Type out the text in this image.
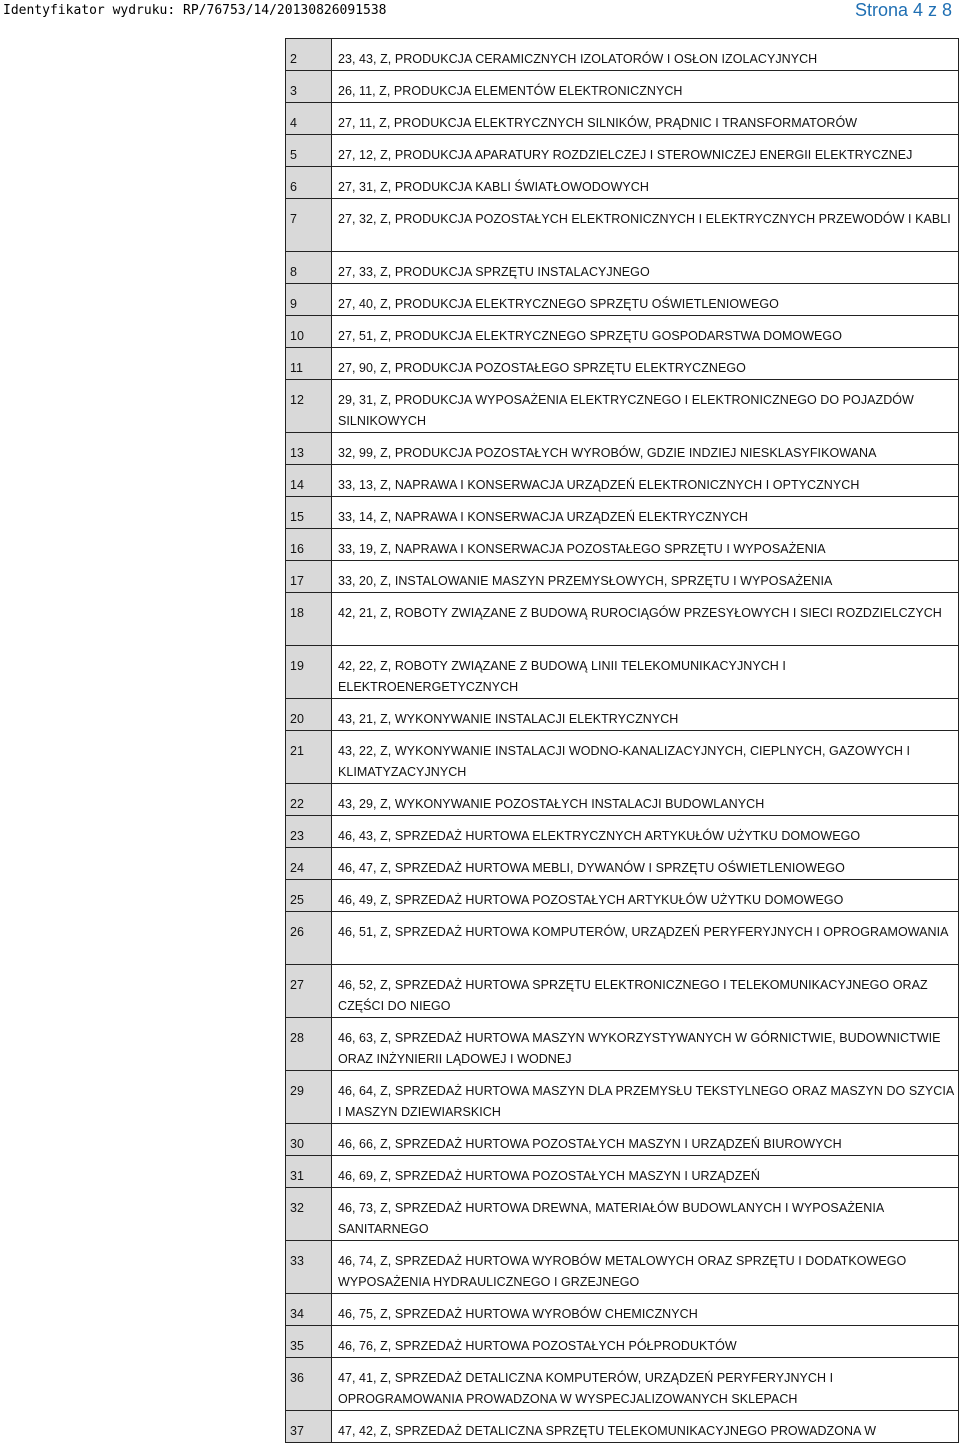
Identyfikator wydruku: RP/76753/14/20130826091538	Strona 4 z 8
2	23, 43, Z, PRODUKCJA CERAMICZNYCH IZOLATORÓW I OSŁON IZOLACYJNYCH

3	26, 11, Z, PRODUKCJA ELEMENTÓW ELEKTRONICZNYCH

4	27, 11, Z, PRODUKCJA ELEKTRYCZNYCH SILNIKÓW, PRĄDNIC I TRANSFORMATORÓW

5	27, 12, Z, PRODUKCJA APARATURY ROZDZIELCZEJ I STEROWNICZEJ ENERGII ELEKTRYCZNEJ

6	27, 31, Z, PRODUKCJA KABLI ŚWIATŁOWODOWYCH

7	27, 32, Z, PRODUKCJA POZOSTAŁYCH ELEKTRONICZNYCH I ELEKTRYCZNYCH PRZEWODÓW I KABLI

8	27, 33, Z, PRODUKCJA SPRZĘTU INSTALACYJNEGO

9	27, 40, Z, PRODUKCJA ELEKTRYCZNEGO SPRZĘTU OŚWIETLENIOWEGO

10	27, 51, Z, PRODUKCJA ELEKTRYCZNEGO SPRZĘTU GOSPODARSTWA DOMOWEGO

11	27, 90, Z, PRODUKCJA POZOSTAŁEGO SPRZĘTU ELEKTRYCZNEGO

12	29, 31, Z, PRODUKCJA WYPOSAŻENIA ELEKTRYCZNEGO I ELEKTRONICZNEGO DO POJAZDÓW SILNIKOWYCH

13	32, 99, Z, PRODUKCJA POZOSTAŁYCH WYROBÓW, GDZIE INDZIEJ NIESKLASYFIKOWANA

14	33, 13, Z, NAPRAWA I KONSERWACJA URZĄDZEŃ ELEKTRONICZNYCH I OPTYCZNYCH

15	33, 14, Z, NAPRAWA I KONSERWACJA URZĄDZEŃ ELEKTRYCZNYCH

16	33, 19, Z, NAPRAWA I KONSERWACJA POZOSTAŁEGO SPRZĘTU I WYPOSAŻENIA

17	33, 20, Z, INSTALOWANIE MASZYN PRZEMYSŁOWYCH, SPRZĘTU I WYPOSAŻENIA

18	42, 21, Z, ROBOTY ZWIĄZANE Z BUDOWĄ RUROCIĄGÓW PRZESYŁOWYCH I SIECI ROZDZIELCZYCH

19	42, 22, Z, ROBOTY ZWIĄZANE Z BUDOWĄ LINII TELEKOMUNIKACYJNYCH I ELEKTROENERGETYCZNYCH

20	43, 21, Z, WYKONYWANIE INSTALACJI ELEKTRYCZNYCH

21	43, 22, Z, WYKONYWANIE INSTALACJI WODNO-KANALIZACYJNYCH, CIEPLNYCH, GAZOWYCH I KLIMATYZACYJNYCH

22	43, 29, Z, WYKONYWANIE POZOSTAŁYCH INSTALACJI BUDOWLANYCH

23	46, 43, Z, SPRZEDAŻ HURTOWA ELEKTRYCZNYCH ARTYKUŁÓW UŻYTKU DOMOWEGO

24	46, 47, Z, SPRZEDAŻ HURTOWA MEBLI, DYWANÓW I SPRZĘTU OŚWIETLENIOWEGO

25	46, 49, Z, SPRZEDAŻ HURTOWA POZOSTAŁYCH ARTYKUŁÓW UŻYTKU DOMOWEGO

26	46, 51, Z, SPRZEDAŻ HURTOWA KOMPUTERÓW, URZĄDZEŃ PERYFERYJNYCH I OPROGRAMOWANIA

27	46, 52, Z, SPRZEDAŻ HURTOWA SPRZĘTU ELEKTRONICZNEGO I TELEKOMUNIKACYJNEGO ORAZ CZĘŚCI DO NIEGO

28	46, 63, Z, SPRZEDAŻ HURTOWA MASZYN WYKORZYSTYWANYCH W GÓRNICTWIE, BUDOWNICTWIE ORAZ INŻYNIERII LĄDOWEJ I WODNEJ

29	46, 64, Z, SPRZEDAŻ HURTOWA MASZYN DLA PRZEMYSŁU TEKSTYLNEGO ORAZ MASZYN DO SZYCIA I MASZYN DZIEWIARSKICH

30	46, 66, Z, SPRZEDAŻ HURTOWA POZOSTAŁYCH MASZYN I URZĄDZEŃ BIUROWYCH

31	46, 69, Z, SPRZEDAŻ HURTOWA POZOSTAŁYCH MASZYN I URZĄDZEŃ

32	46, 73, Z, SPRZEDAŻ HURTOWA DREWNA, MATERIAŁÓW BUDOWLANYCH I WYPOSAŻENIA SANITARNEGO

33	46, 74, Z, SPRZEDAŻ HURTOWA WYROBÓW METALOWYCH ORAZ SPRZĘTU I DODATKOWEGO WYPOSAŻENIA HYDRAULICZNEGO I GRZEJNEGO

34	46, 75, Z, SPRZEDAŻ HURTOWA WYROBÓW CHEMICZNYCH

35	46, 76, Z, SPRZEDAŻ HURTOWA POZOSTAŁYCH PÓŁPRODUKTÓW

36	47, 41, Z, SPRZEDAŻ DETALICZNA KOMPUTERÓW, URZĄDZEŃ PERYFERYJNYCH I OPROGRAMOWANIA PROWADZONA W WYSPECJALIZOWANYCH SKLEPACH

37	47, 42, Z, SPRZEDAŻ DETALICZNA SPRZĘTU TELEKOMUNIKACYJNEGO PROWADZONA W
